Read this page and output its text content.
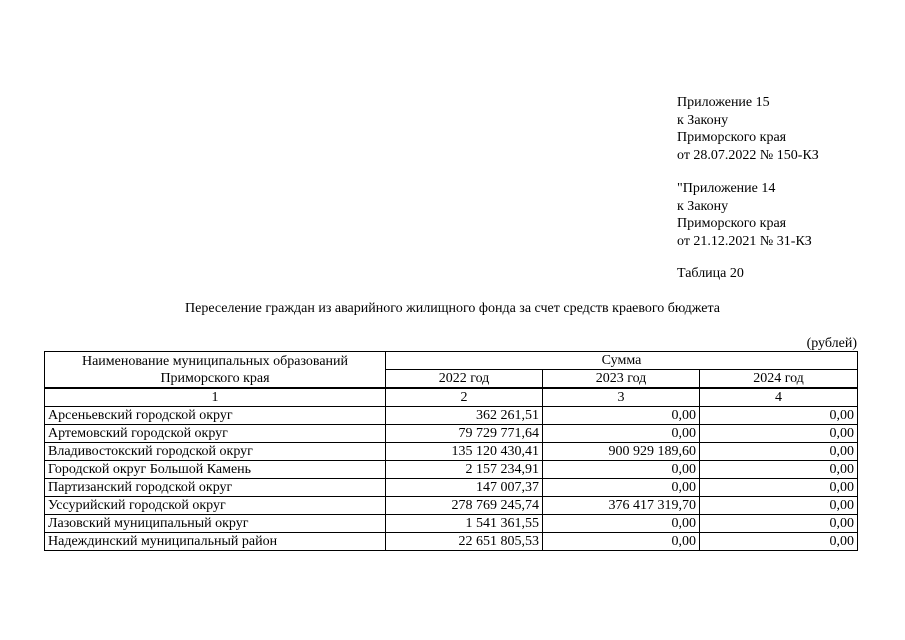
Приложение 15
к Закону
Приморского края
от 28.07.2022 № 150-КЗ
"Приложение 14
к Закону
Приморского края
от 21.12.2021 № 31-КЗ
Таблица 20
Переселение граждан из аварийного жилищного фонда за счет средств краевого бюджета
(рублей)
Наименование муниципальных образований
Приморского края	Сумма		
	2022 год	2023 год	2024 год
1	2	3	4
Арсеньевский городской округ	362 261,51	0,00	0,00
Артемовский городской округ	79 729 771,64	0,00	0,00
Владивостокский городской округ	135 120 430,41	900 929 189,60	0,00
Городской округ Большой Камень	2 157 234,91	0,00	0,00
Партизанский городской округ	147 007,37	0,00	0,00
Уссурийский городской округ	278 769 245,74	376 417 319,70	0,00
Лазовский муниципальный округ	1 541 361,55	0,00	0,00
Надеждинский муниципальный район	22 651 805,53	0,00	0,00
